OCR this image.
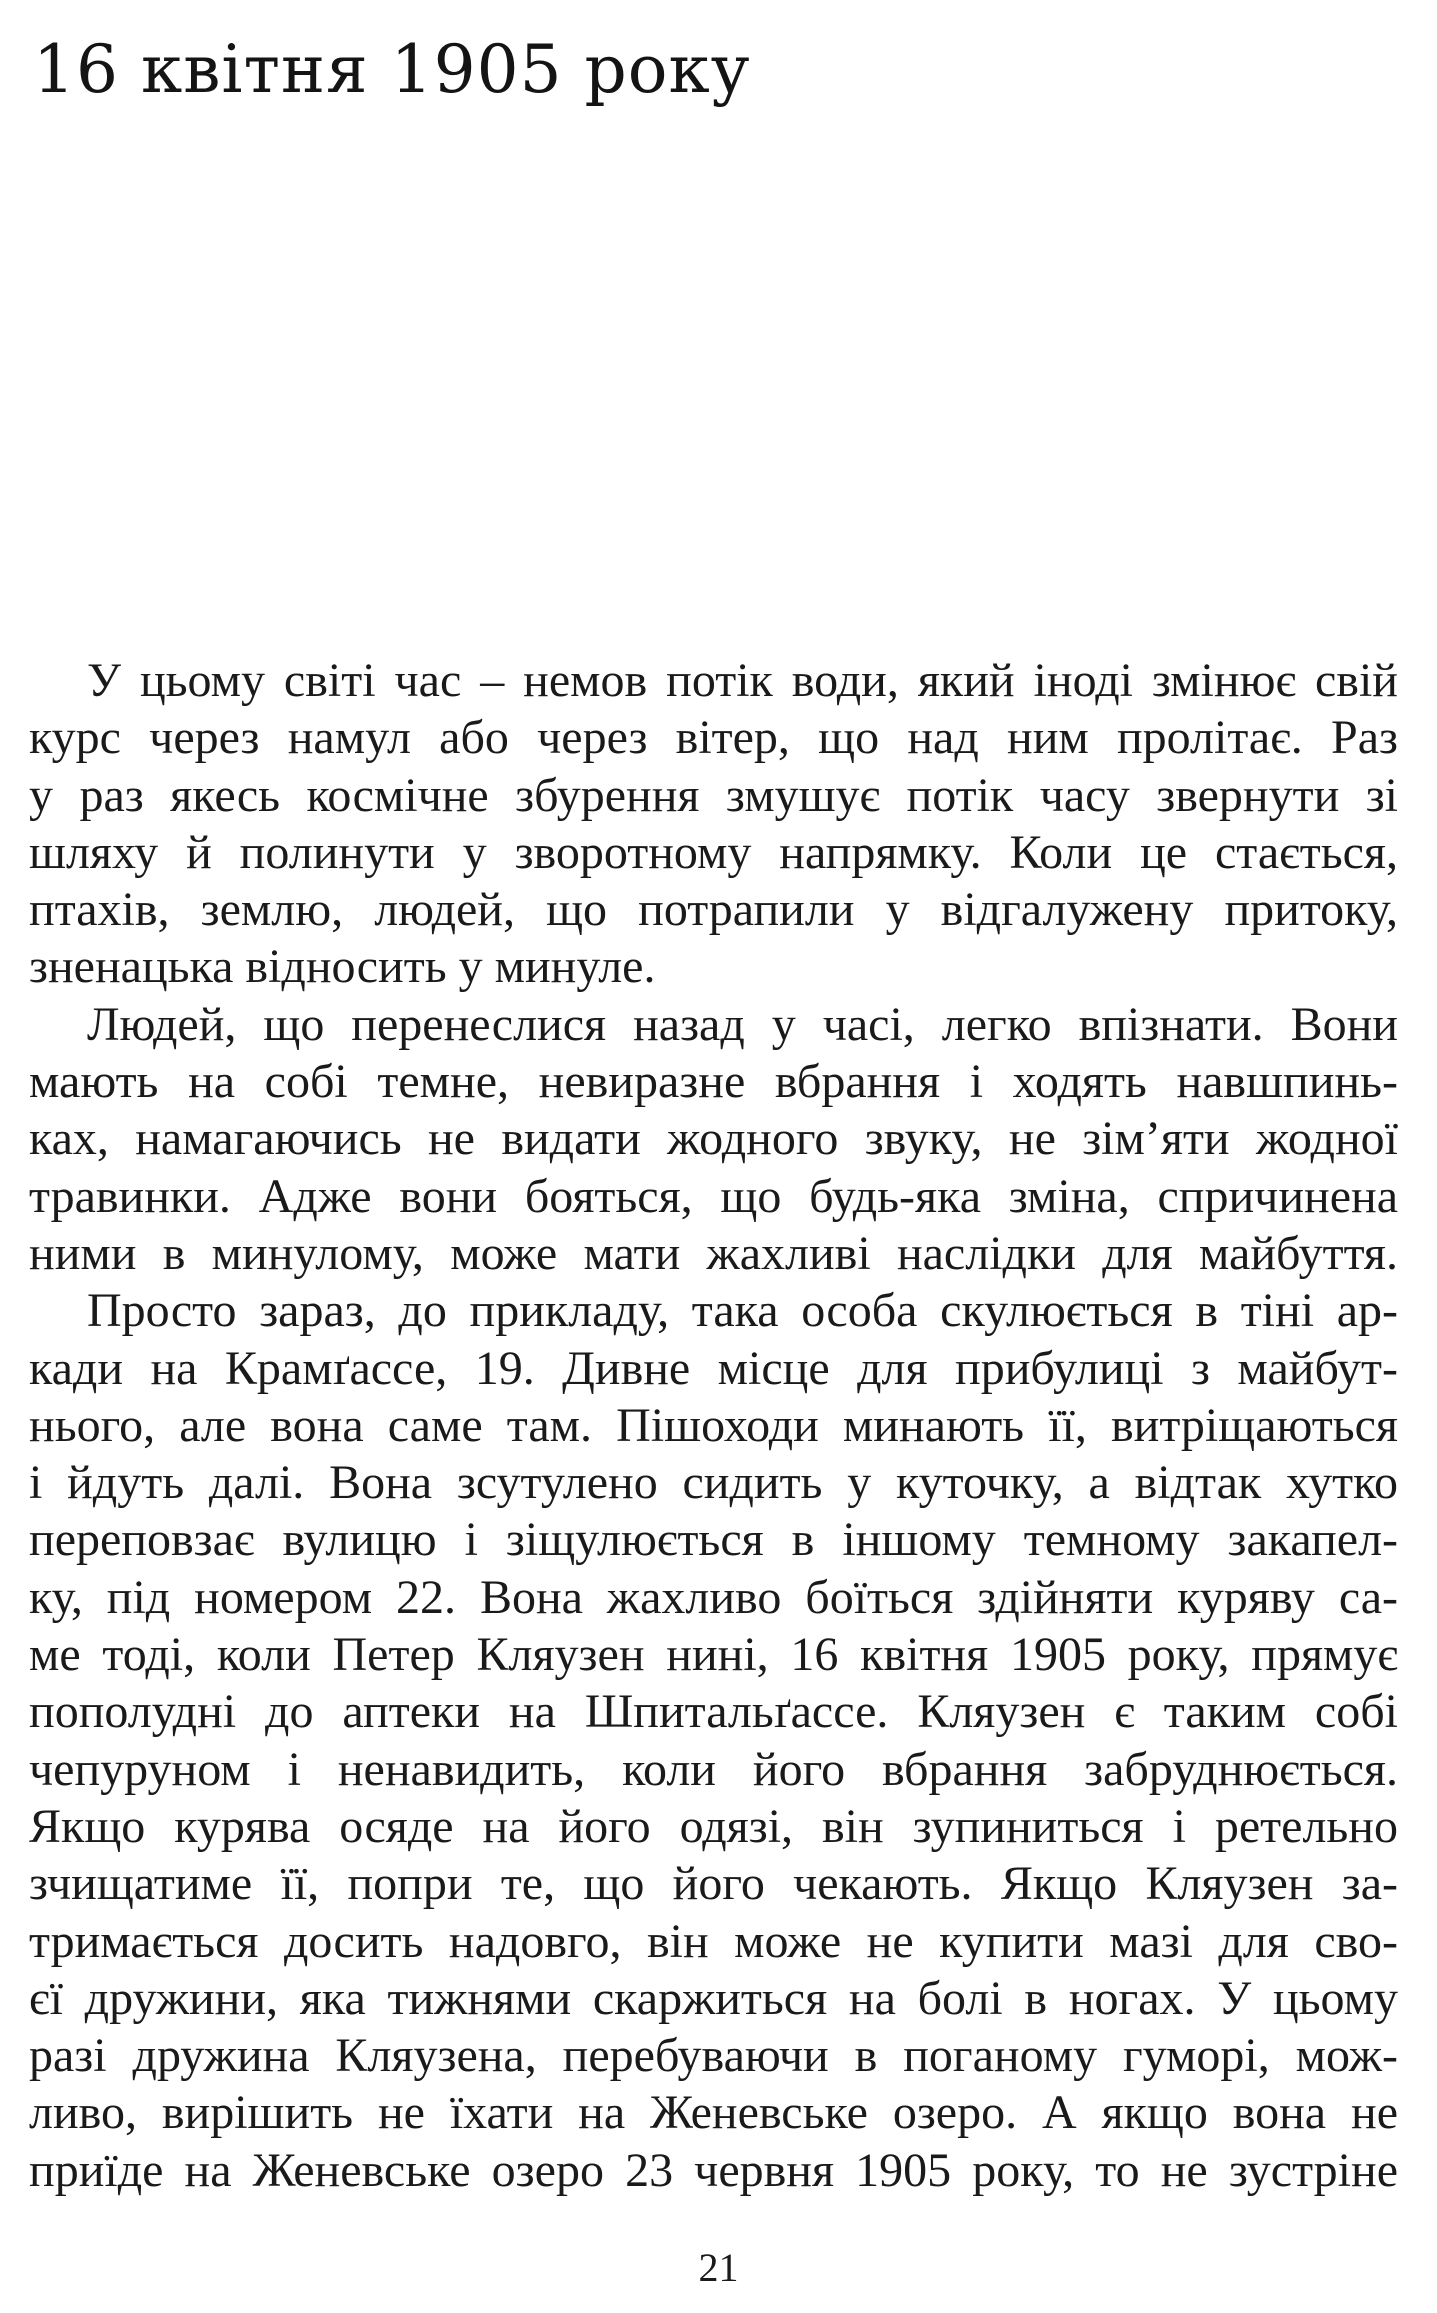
16 квітня 1905 року

У цьому світі час – немов потік води, який іноді змінює свій
курс через намул або через вітер, що над ним пролітає. Раз
у раз якесь космічне збурення змушує потік часу звернути зі
шляху й полинути у зворотному напрямку. Коли це стається,
птахів, землю, людей, що потрапили у відгалужену притоку,
зненацька відносить у минуле.

Людей, що перенеслися назад у часі, легко впізнати. Вони
мають на собі темне, невиразне вбрання і ходять навшпинь-
ках, намагаючись не видати жодного звуку, не зім’яти жодної
травинки. Адже вони бояться, що будь-яка зміна, спричинена
ними в минулому, може мати жахливі наслідки для майбуття.

Просто зараз, до прикладу, така особа скулюється в тіні ар-
кади на Крамґассе, 19. Дивне місце для прибулиці з майбут-
нього, але вона саме там. Пішоходи минають її, витріщаються
і йдуть далі. Вона зсутулено сидить у куточку, а відтак хутко
переповзає вулицю і зіщулюється в іншому темному закапел-
ку, під номером 22. Вона жахливо боїться здійняти куряву са-
ме тоді, коли Петер Кляузен нині, 16 квітня 1905 року, прямує
пополудні до аптеки на Шпитальґассе. Кляузен є таким собі
чепуруном і ненавидить, коли його вбрання забруднюється.
Якщо курява осяде на його одязі, він зупиниться і ретельно
зчищатиме її, попри те, що його чекають. Якщо Кляузен за-
тримається досить надовго, він може не купити мазі для сво-
єї дружини, яка тижнями скаржиться на болі в ногах. У цьому
разі дружина Кляузена, перебуваючи в поганому гуморі, мож-
ливо, вирішить не їхати на Женевське озеро. А якщо вона не
приїде на Женевське озеро 23 червня 1905 року, то не зустріне

21
